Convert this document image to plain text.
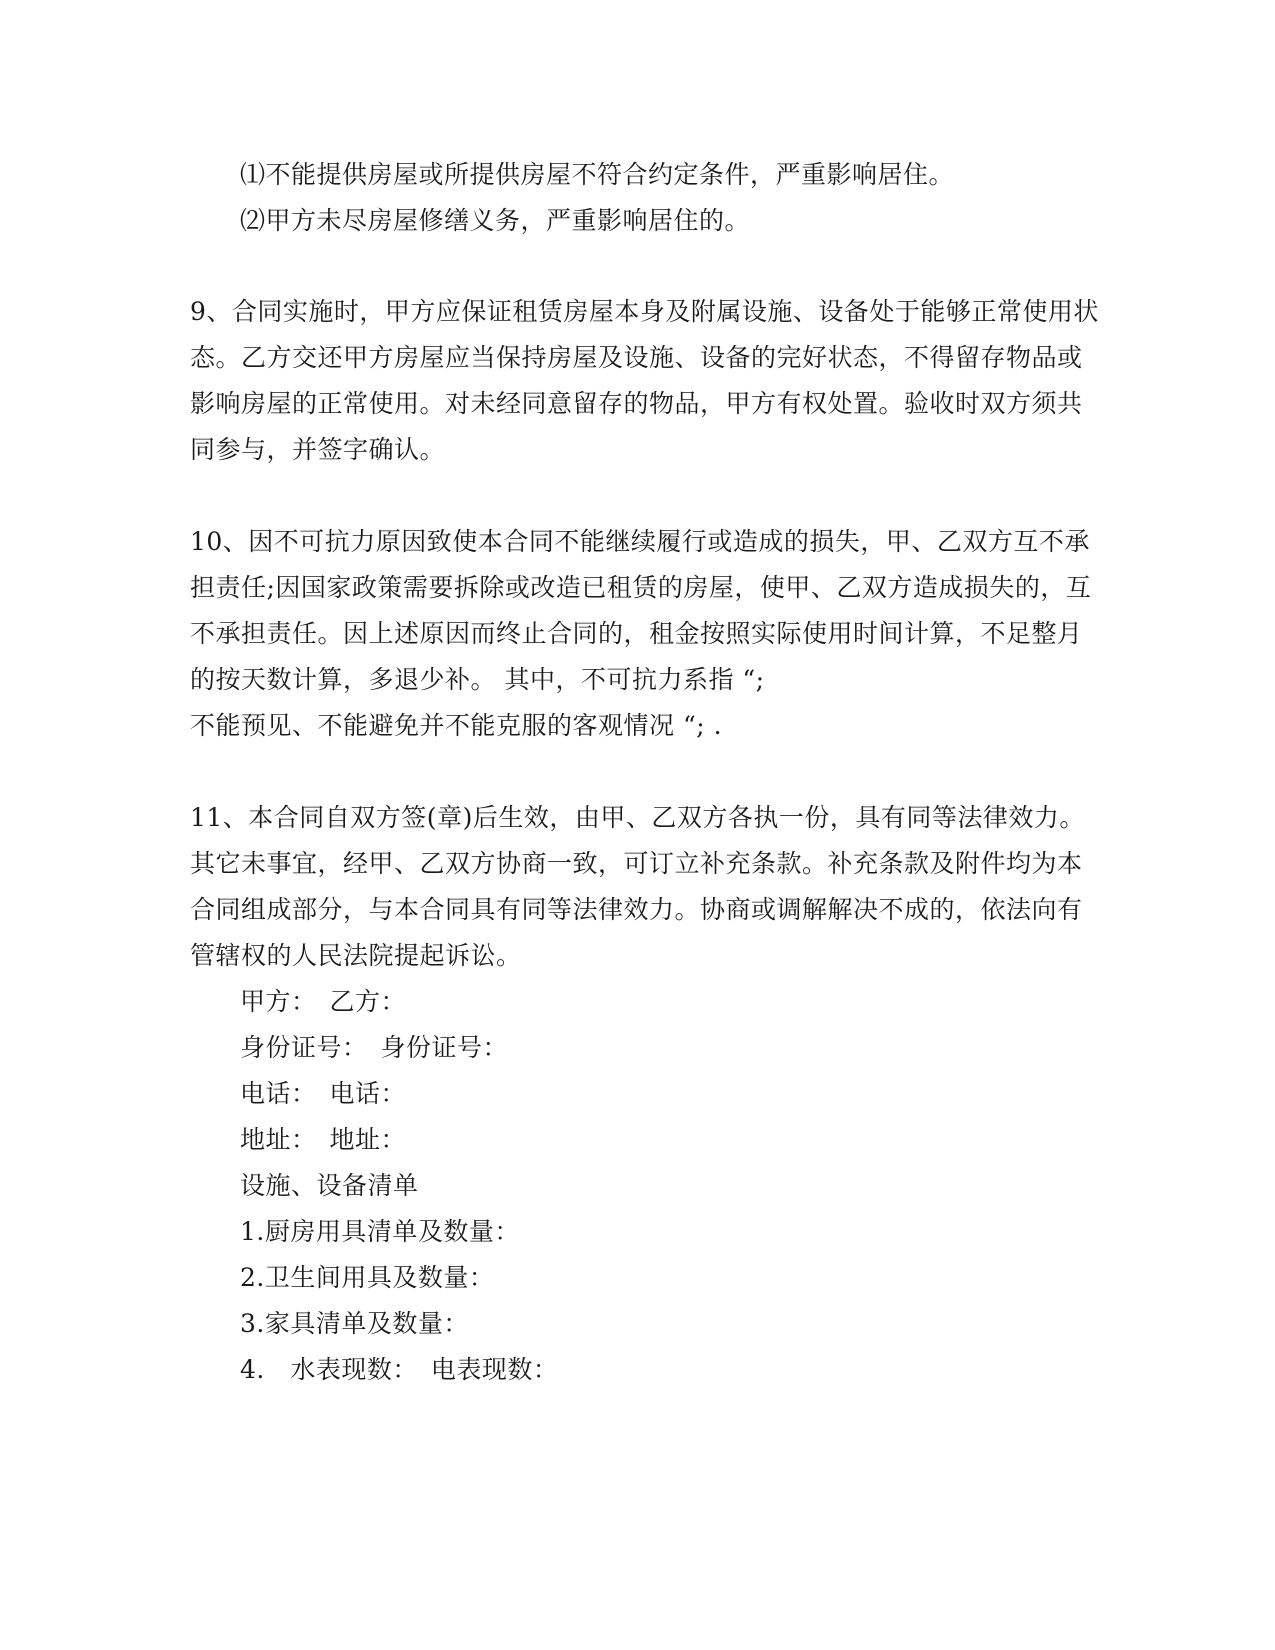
⑴不能提供房屋或所提供房屋不符合约定条件，严重影响居住。
⑵甲方未尽房屋修缮义务，严重影响居住的。
9、合同实施时，甲方应保证租赁房屋本身及附属设施、设备处于能够正常使用状
态。乙方交还甲方房屋应当保持房屋及设施、设备的完好状态，不得留存物品或
影响房屋的正常使用。对未经同意留存的物品，甲方有权处置。验收时双方须共
同参与，并签字确认。
10、因不可抗力原因致使本合同不能继续履行或造成的损失，甲、乙双方互不承
担责任;因国家政策需要拆除或改造已租赁的房屋，使甲、乙双方造成损失的，互
不承担责任。因上述原因而终止合同的，租金按照实际使用时间计算，不足整月
的按天数计算，多退少补。 其中，不可抗力系指 “;
不能预见、不能避免并不能克服的客观情况 “; .
11、本合同自双方签(章)后生效，由甲、乙双方各执一份，具有同等法律效力。
其它未事宜，经甲、乙双方协商一致，可订立补充条款。补充条款及附件均为本
合同组成部分，与本合同具有同等法律效力。协商或调解解决不成的，依法向有
管辖权的人民法院提起诉讼。
甲方：　乙方：
身份证号：　身份证号：
电话：　电话：
地址：　地址：
设施、设备清单
1.厨房用具清单及数量：
2.卫生间用具及数量：
3.家具清单及数量：
4.　水表现数：　电表现数：
